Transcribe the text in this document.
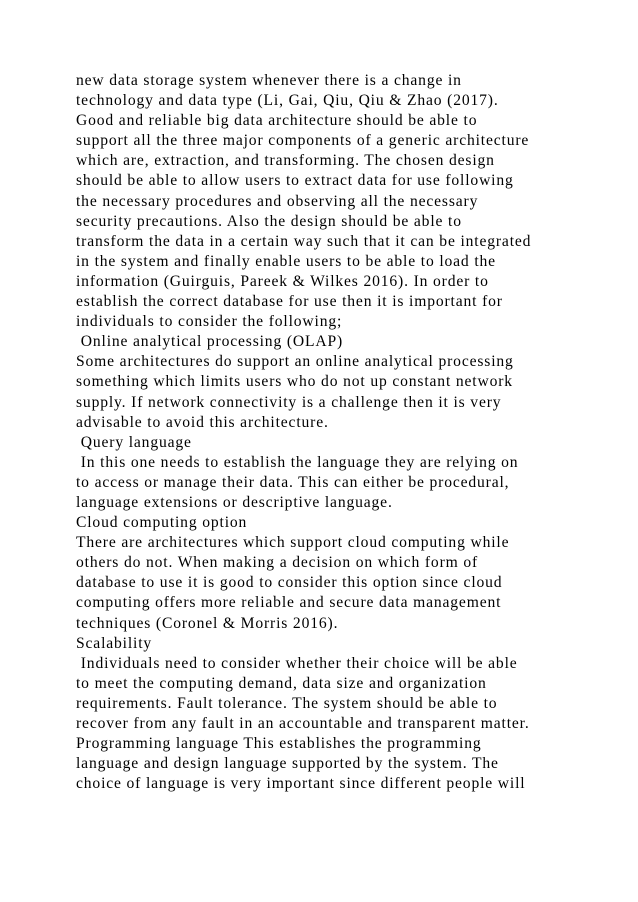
new data storage system whenever there is a change in
technology and data type (Li, Gai, Qiu, Qiu & Zhao (2017).
Good and reliable big data architecture should be able to
support all the three major components of a generic architecture
which are, extraction, and transforming. The chosen design
should be able to allow users to extract data for use following
the necessary procedures and observing all the necessary
security precautions. Also the design should be able to
transform the data in a certain way such that it can be integrated
in the system and finally enable users to be able to load the
information (Guirguis, Pareek & Wilkes 2016). In order to
establish the correct database for use then it is important for
individuals to consider the following;
Online analytical processing (OLAP)
Some architectures do support an online analytical processing
something which limits users who do not up constant network
supply. If network connectivity is a challenge then it is very
advisable to avoid this architecture.
Query language
In this one needs to establish the language they are relying on
to access or manage their data. This can either be procedural,
language extensions or descriptive language.
Cloud computing option
There are architectures which support cloud computing while
others do not. When making a decision on which form of
database to use it is good to consider this option since cloud
computing offers more reliable and secure data management
techniques (Coronel & Morris 2016).
Scalability
Individuals need to consider whether their choice will be able
to meet the computing demand, data size and organization
requirements. Fault tolerance. The system should be able to
recover from any fault in an accountable and transparent matter.
Programming language This establishes the programming
language and design language supported by the system. The
choice of language is very important since different people will
